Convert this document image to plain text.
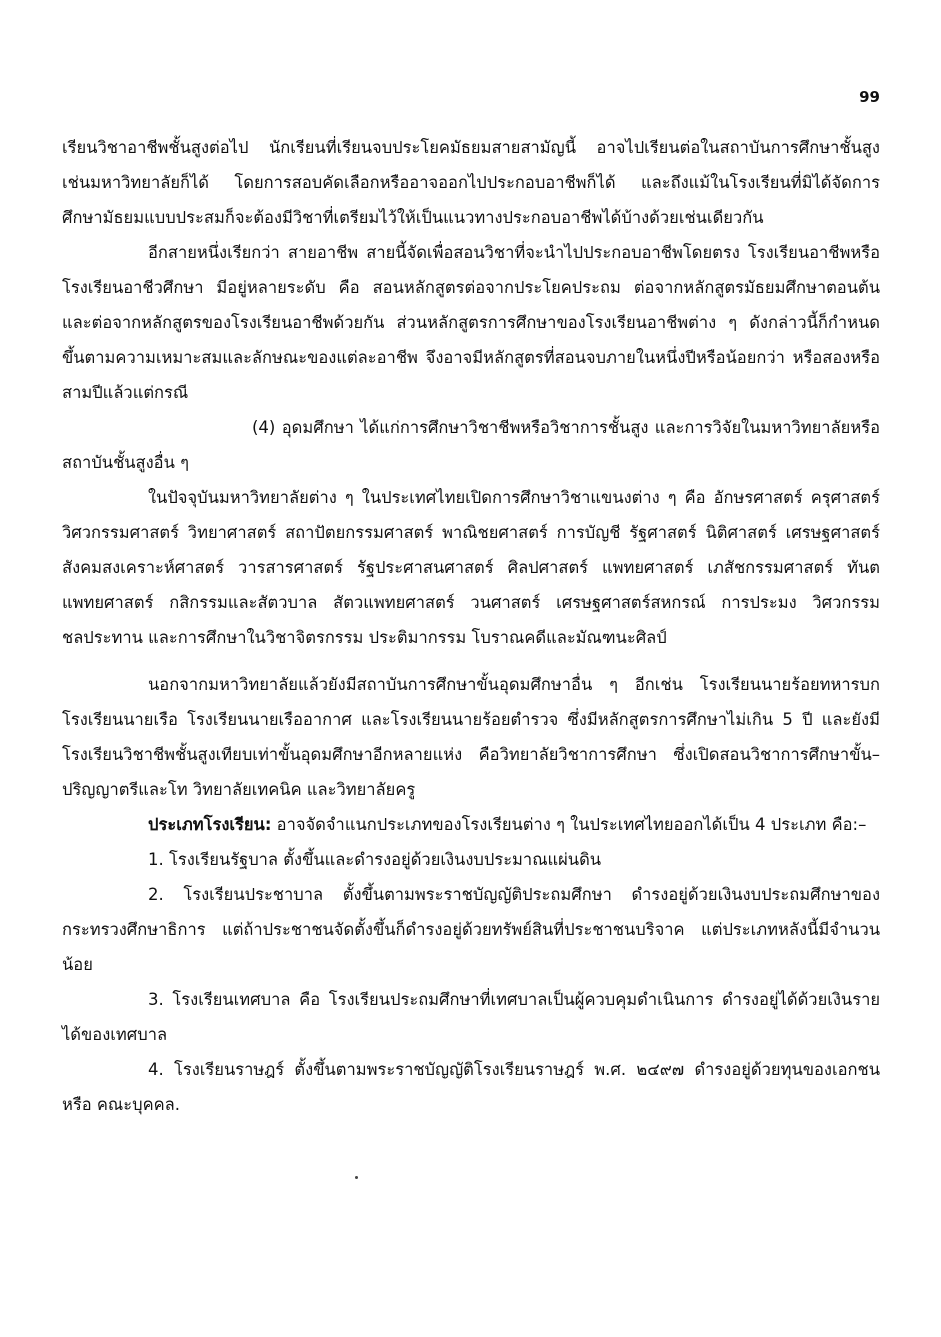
99

เรียนวิชาอาชีพชั้นสูงต่อไป นักเรียนที่เรียนจบประโยคมัธยมสายสามัญนี้ อาจไปเรียนต่อในสถาบันการศึกษาชั้นสูง เช่นมหาวิทยาลัยก็ได้ โดยการสอบคัดเลือกหรืออาจออกไปประกอบอาชีพก็ได้ และถึงแม้ในโรงเรียนที่มิได้จัดการศึกษามัธยมแบบประสมก็จะต้องมีวิชาที่เตรียมไว้ให้เป็นแนวทางประกอบอาชีพได้บ้างด้วยเช่นเดียวกัน

อีกสายหนึ่งเรียกว่า สายอาชีพ สายนี้จัดเพื่อสอนวิชาที่จะนำไปประกอบอาชีพโดยตรง โรงเรียนอาชีพหรือโรงเรียนอาชีวศึกษา มีอยู่หลายระดับ คือ สอนหลักสูตรต่อจากประโยคประถม ต่อจากหลักสูตรมัธยมศึกษาตอนต้น และต่อจากหลักสูตรของโรงเรียนอาชีพด้วยกัน ส่วนหลักสูตรการศึกษาของโรงเรียนอาชีพต่าง ๆ ดังกล่าวนี้ก็กำหนดขึ้นตามความเหมาะสมและลักษณะของแต่ละอาชีพ จึงอาจมีหลักสูตรที่สอนจบภายในหนึ่งปีหรือน้อยกว่า หรือสองหรือสามปีแล้วแต่กรณี

(4) อุดมศึกษา ได้แก่การศึกษาวิชาชีพหรือวิชาการชั้นสูง และการวิจัยในมหาวิทยาลัยหรือสถาบันชั้นสูงอื่น ๆ

ในปัจจุบันมหาวิทยาลัยต่าง ๆ ในประเทศไทยเปิดการศึกษาวิชาแขนงต่าง ๆ คือ อักษรศาสตร์ ครุศาสตร์ วิศวกรรมศาสตร์ วิทยาศาสตร์ สถาปัตยกรรมศาสตร์ พาณิชยศาสตร์ การบัญชี รัฐศาสตร์ นิติศาสตร์ เศรษฐศาสตร์ สังคมสงเคราะห์ศาสตร์ วารสารศาสตร์ รัฐประศาสนศาสตร์ ศิลปศาสตร์ แพทยศาสตร์ เภสัชกรรมศาสตร์ ทันตแพทยศาสตร์ กสิกรรมและสัตวบาล สัตวแพทยศาสตร์ วนศาสตร์ เศรษฐศาสตร์สหกรณ์ การประมง วิศวกรรมชลประทาน และการศึกษาในวิชาจิตรกรรม ประติมากรรม โบราณคดีและมัณฑนะศิลป์

นอกจากมหาวิทยาลัยแล้วยังมีสถาบันการศึกษาขั้นอุดมศึกษาอื่น ๆ อีกเช่น โรงเรียนนายร้อยทหารบก โรงเรียนนายเรือ โรงเรียนนายเรืออากาศ และโรงเรียนนายร้อยตำรวจ ซึ่งมีหลักสูตรการศึกษาไม่เกิน 5 ปี และยังมีโรงเรียนวิชาชีพชั้นสูงเทียบเท่าขั้นอุดมศึกษาอีกหลายแห่ง คือวิทยาลัยวิชาการศึกษา ซึ่งเปิดสอนวิชาการศึกษาขั้น–ปริญญาตรีและโท วิทยาลัยเทคนิค และวิทยาลัยครู

ประเภทโรงเรียน: อาจจัดจำแนกประเภทของโรงเรียนต่าง ๆ ในประเทศไทยออกได้เป็น 4 ประเภท คือ:–

1. โรงเรียนรัฐบาล ตั้งขึ้นและดำรงอยู่ด้วยเงินงบประมาณแผ่นดิน

2. โรงเรียนประชาบาล ตั้งขึ้นตามพระราชบัญญัติประถมศึกษา ดำรงอยู่ด้วยเงินงบประถมศึกษาของกระทรวงศึกษาธิการ แต่ถ้าประชาชนจัดตั้งขึ้นก็ดำรงอยู่ด้วยทรัพย์สินที่ประชาชนบริจาค แต่ประเภทหลังนี้มีจำนวนน้อย

3. โรงเรียนเทศบาล คือ โรงเรียนประถมศึกษาที่เทศบาลเป็นผู้ควบคุมดำเนินการ ดำรงอยู่ได้ด้วยเงินรายได้ของเทศบาล

4. โรงเรียนราษฎร์ ตั้งขึ้นตามพระราชบัญญัติโรงเรียนราษฎร์ พ.ศ. ๒๔๙๗ ดำรงอยู่ด้วยทุนของเอกชน หรือ คณะบุคคล.
